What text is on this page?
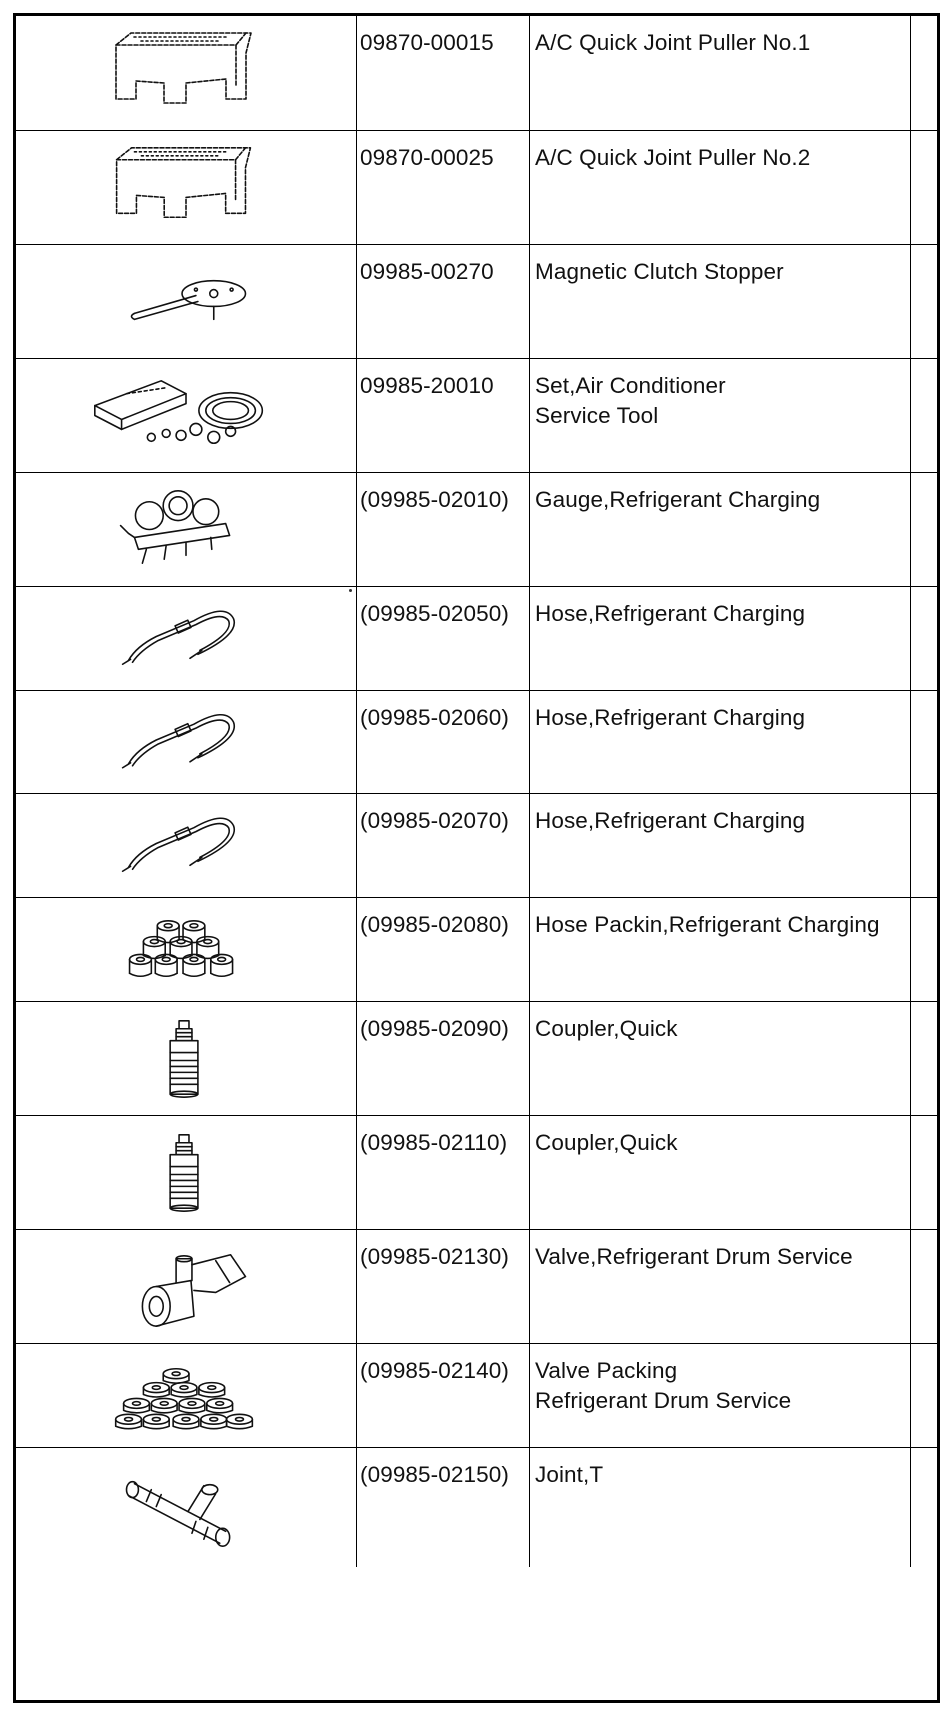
09870-00015 A/C Quick Joint Puller No.1
09870-00025 A/C Quick Joint Puller No.2
09985-00270 Magnetic Clutch Stopper
09985-20010 Set,Air Conditioner
Service Tool
(09985-02010) Gauge,Refrigerant Charging
(09985-02050) Hose,Refrigerant Charging
(09985-02060) Hose,Refrigerant Charging
(09985-02070) Hose,Refrigerant Charging
(09985-02080) Hose Packin,Refrigerant Charging
(09985-02090) Coupler,Quick
(09985-02110) Coupler,Quick
(09985-02130) Valve,Refrigerant Drum Service
(09985-02140) Valve Packing
Refrigerant Drum Service
(09985-02150) Joint,T
